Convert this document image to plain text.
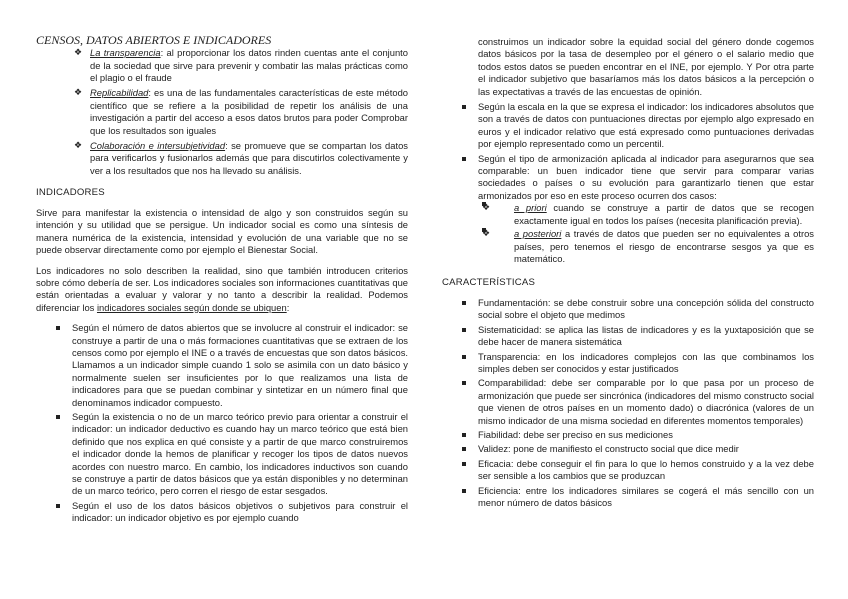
CENSOS, DATOS ABIERTOS E INDICADORES
❖ La transparencia: al proporcionar los datos rinden cuentas ante el conjunto de la sociedad que sirve para prevenir y combatir las malas prácticas como el plagio o el fraude
❖ Replicabilidad: es una de las fundamentales características de este método científico que se refiere a la posibilidad de repetir los análisis de una investigación a partir del acceso a esos datos brutos para poder Comprobar que los resultados son iguales
❖ Colaboración e intersubjetividad: se promueve que se compartan los datos para verificarlos y fusionarlos además que para discutirlos colectivamente y ver a los resultados que nos ha llevado su análisis.
INDICADORES

Sirve para manifestar la existencia o intensidad de algo y son construidos según su intención y su utilidad que se persigue. Un indicador social es como una síntesis de manera numérica de la existencia, intensidad y evolución de una variable que no se puede observar directamente como por ejemplo el Bienestar Social.

Los indicadores no solo describen la realidad, sino que también introducen criterios sobre cómo debería de ser. Los indicadores sociales son informaciones cuantitativas que están orientadas a evaluar y valorar y no tanto a describir la realidad. Podemos diferenciar los indicadores sociales según donde se ubiquen:

Según el número de datos abiertos que se involucre al construir el indicador: se construye a partir de una o más formaciones cuantitativas que se extraen de los censos como por ejemplo el INE o a través de encuestas que son datos básicos. Llamamos a un indicador simple cuando 1 solo se asimila con un dato básico y normalmente suelen ser insuficientes por lo que realizamos una lista de indicadores para que se puedan combinar y sintetizar en un número final que denominamos indicador compuesto.
Según la existencia o no de un marco teórico previo para orientar a construir el indicador: un indicador deductivo es cuando hay un marco teórico que está bien definido que nos explica en qué consiste y a partir de que marco construiremos el indicador donde la hemos de planificar y recoger los tipos de datos nuevos acordes con nuestro marco. En cambio, los indicadores inductivos son cuando se construye a partir de datos básicos que ya están disponibles y no determinan de un marco teórico, pero corren el riesgo de estar sesgados.
Según el uso de los datos básicos objetivos o subjetivos para construir el indicador: un indicador objetivo es por ejemplo cuando

construimos un indicador sobre la equidad social del género donde cogemos datos básicos por la tasa de desempleo por el género o el salario medio que todos estos datos se pueden encontrar en el INE, por ejemplo. Y Por otra parte el indicador subjetivo que basaríamos más los datos básicos a la percepción o las expectativas a través de las encuestas de opinión.

Según la escala en la que se expresa el indicador: los indicadores absolutos que son a través de datos con puntuaciones directas por ejemplo algo expresado en euros y el indicador relativo que está expresado como puntuaciones derivadas por ejemplo representado como un percentil.
Según el tipo de armonización aplicada al indicador para asegurarnos que sea comparable: un buen indicador tiene que servir para comparar varias sociedades o países o su evolución para garantizarlo tienen que estar armonizados por eso en este proceso ocurren dos casos:
❖	a priori cuando se construye a partir de datos que se recogen exactamente igual en todos los países (necesita planificación previa).
❖	a posteriori a través de datos que pueden ser no equivalentes a otros países, pero tenemos el riesgo de encontrarse sesgos ya que es matemático.
CARACTERÍSTICAS
Fundamentación: se debe construir sobre una concepción sólida del constructo social sobre el objeto que medimos
Sistematicidad: se aplica las listas de indicadores y es la yuxtaposición que se debe hacer de manera sistemática
Transparencia: en los indicadores complejos con las que combinamos los simples deben ser conocidos y estar justificados
Comparabilidad: debe ser comparable por lo que pasa por un proceso de armonización que puede ser sincrónica (indicadores del mismo constructo social que vienen de otros países en un momento dado) o diacrónica (valores de un mismo indicador de una misma sociedad en diferentes momentos temporales)
Fiabilidad: debe ser preciso en sus mediciones
Validez: pone de manifiesto el constructo social que dice medir
Eficacia: debe conseguir el fin para lo que lo hemos construido y a la vez debe ser sensible a los cambios que se produzcan
Eficiencia: entre los indicadores similares se cogerá el más sencillo con un menor número de datos básicos
